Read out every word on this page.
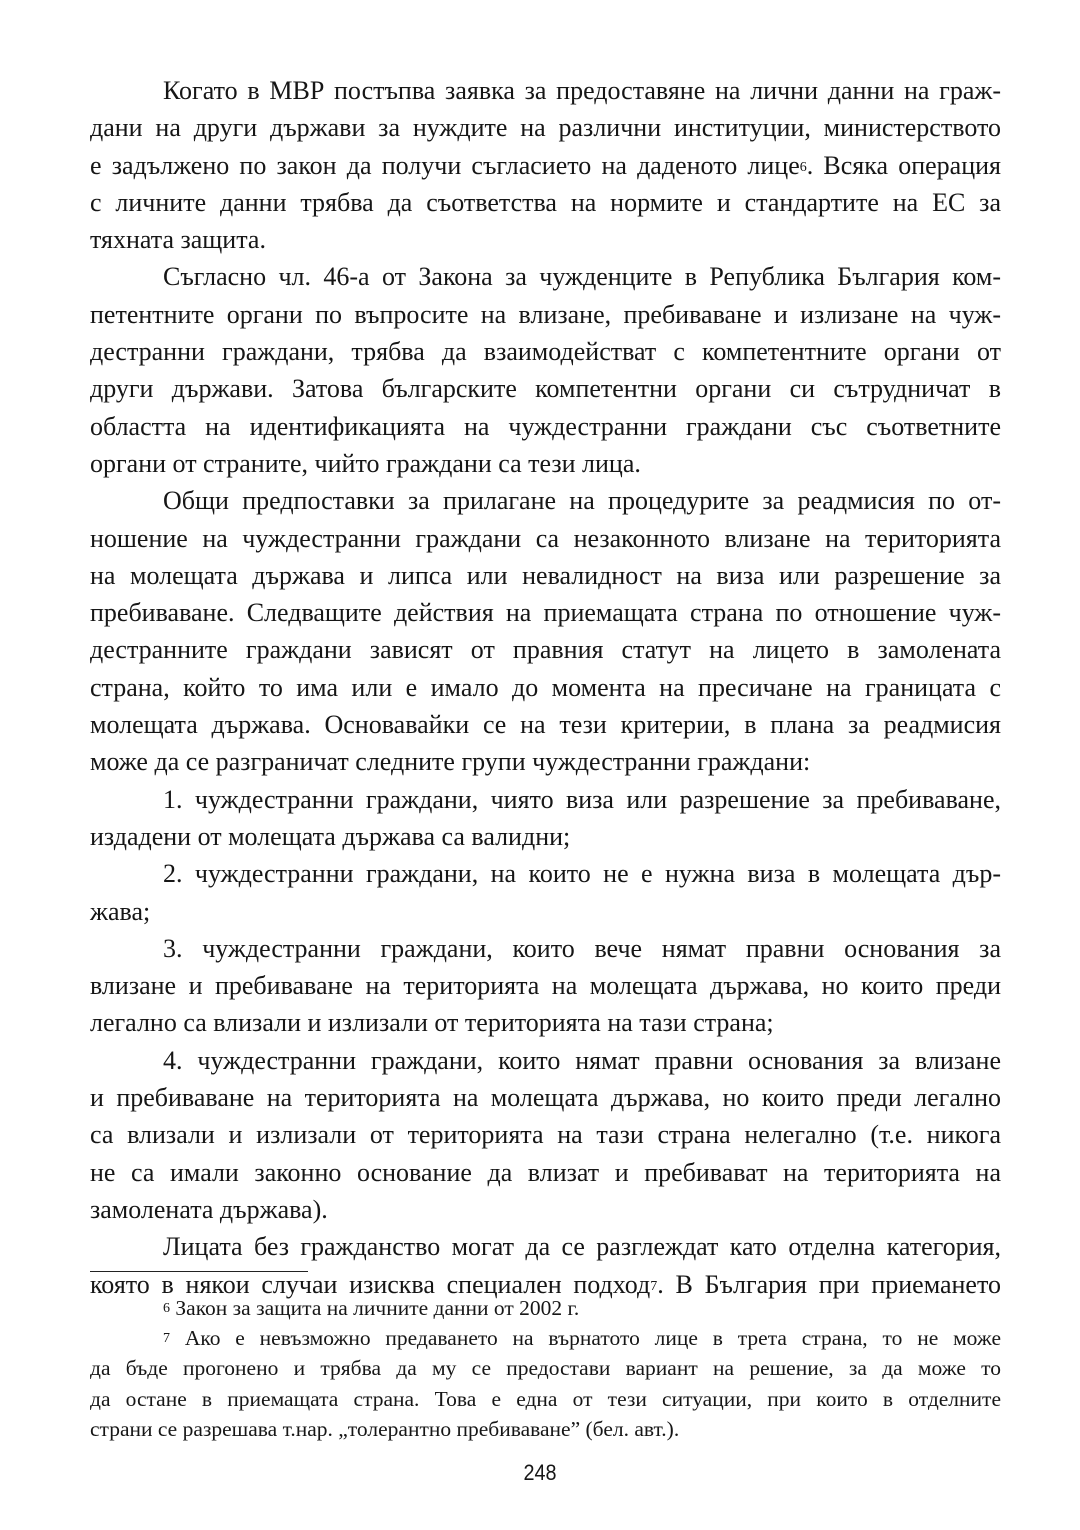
Когато в МВР постъпва заявка за предоставяне на лични данни на граж-
дани на други държави за нуждите на различни институции, министерството
е задължено по закон да получи съгласието на даденото лице$^6$. Всяка операция
с личните данни трябва да съответства на нормите и стандартите на ЕС за
тяхната защита.
Съгласно чл. 46-а от Закона за чужденците в Република България ком-
петентните органи по въпросите на влизане, пребиваване и излизане на чуж-
дестранни граждани, трябва да взаимодействат с компетентните органи от
други държави. Затова българските компетентни органи си сътрудничат в
областта на идентификацията на чуждестранни граждани със съответните
органи от страните, чийто граждани са тези лица.
Общи предпоставки за прилагане на процедурите за реадмисия по от-
ношение на чуждестранни граждани са незаконното влизане на територията
на молещата държава и липса или невалидност на виза или разрешение за
пребиваване. Следващите действия на приемащата страна по отношение чуж-
дестранните граждани зависят от правния статут на лицето в замолената
страна, който то има или е имало до момента на пресичане на границата с
молещата държава. Основавайки се на тези критерии, в плана за реадмисия
може да се разграничат следните групи чуждестранни граждани:
1. чуждестранни граждани, чиято виза или разрешение за пребиваване,
издадени от молещата държава са валидни;
2. чуждестранни граждани, на които не е нужна виза в молещата дър-
жава;
3. чуждестранни граждани, които вече нямат правни основания за
влизане и пребиваване на територията на молещата държава, но които преди
легално са влизали и излизали от територията на тази страна;
4. чуждестранни граждани, които нямат правни основания за влизане
и пребиваване на територията на молещата държава, но които преди легално
са влизали и излизали от територията на тази страна нелегално (т.е. никога
не са имали законно основание да влизат и пребивават на територията на
замолената държава).
Лицата без гражданство могат да се разглеждат като отделна категория,
която в някои случаи изисква специален подход$^7$. В България при приемането
$^6$ Закон за защита на личните данни от 2002 г.
$^7$ Ако е невъзможно предаването на върнатото лице в трета страна, то не може
да бъде прогонено и трябва да му се предостави вариант на решение, за да може то
да остане в приемащата страна. Това е една от тези ситуации, при които в отделните
страни се разрешава т.нар. „толерантно пребиваване” (бел. авт.).
248
